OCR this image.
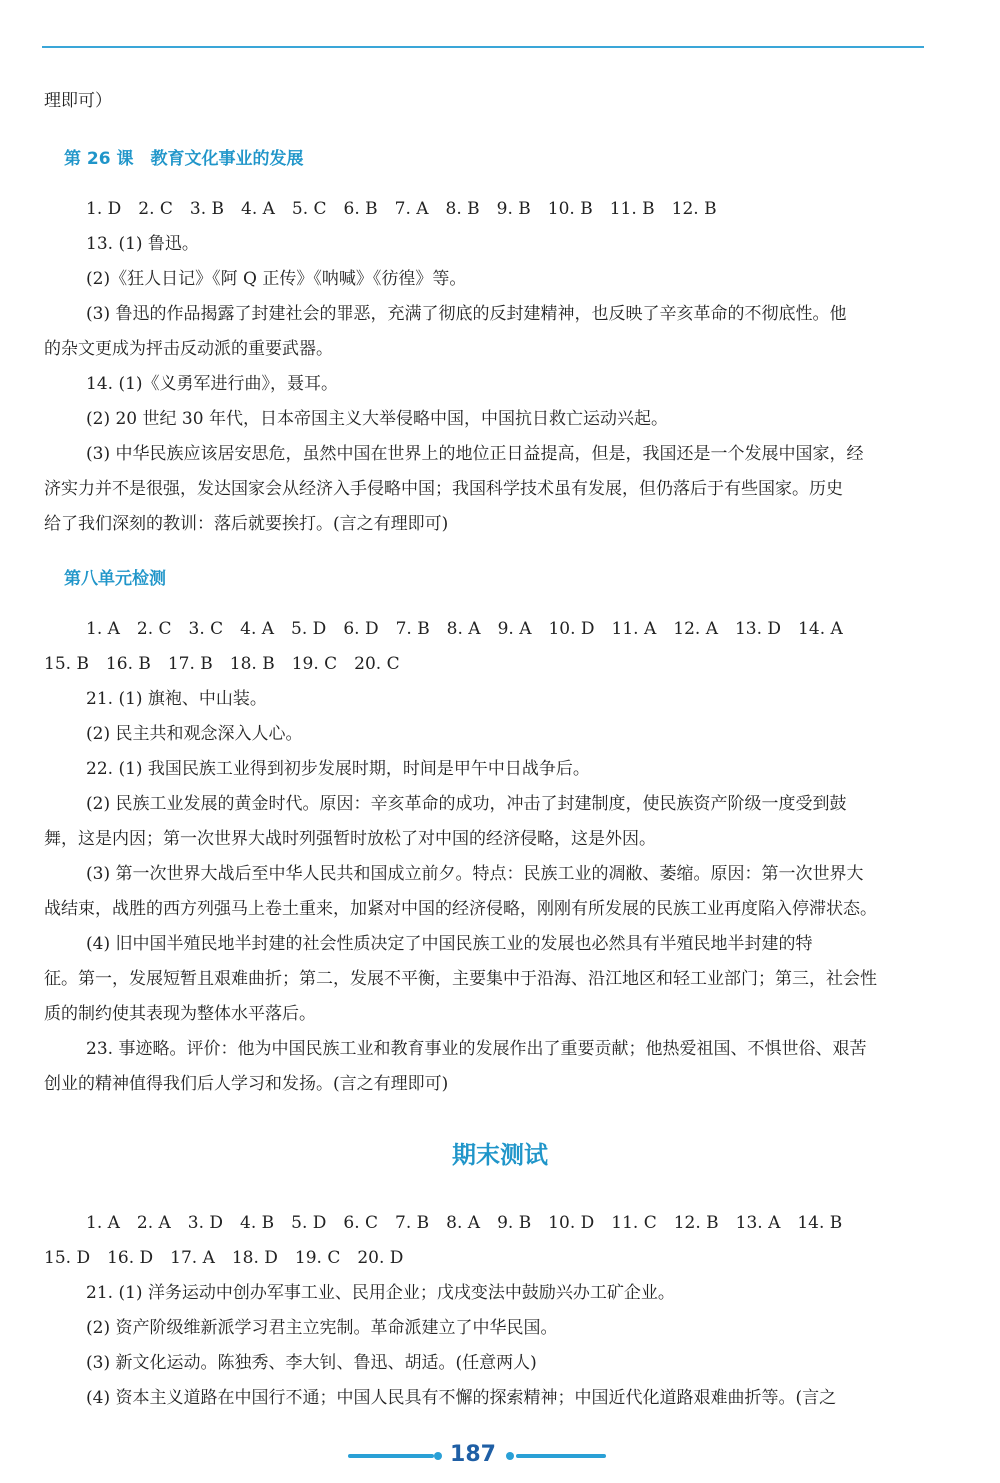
理即可）
第 26 课　教育文化事业的发展
1. D　2. C　3. B　4. A　5. C　6. B　7. A　8. B　9. B　10. B　11. B　12. B
13. (1) 鲁迅。
(2)《狂人日记》《阿 Q 正传》《呐喊》《彷徨》等。
(3) 鲁迅的作品揭露了封建社会的罪恶，充满了彻底的反封建精神，也反映了辛亥革命的不彻底性。他
的杂文更成为抨击反动派的重要武器。
14. (1)《义勇军进行曲》，聂耳。
(2) 20 世纪 30 年代，日本帝国主义大举侵略中国，中国抗日救亡运动兴起。
(3) 中华民族应该居安思危，虽然中国在世界上的地位正日益提高，但是，我国还是一个发展中国家，经
济实力并不是很强，发达国家会从经济入手侵略中国；我国科学技术虽有发展，但仍落后于有些国家。历史
给了我们深刻的教训：落后就要挨打。(言之有理即可)
第八单元检测
1. A　2. C　3. C　4. A　5. D　6. D　7. B　8. A　9. A　10. D　11. A　12. A　13. D　14. A
15. B　16. B　17. B　18. B　19. C　20. C
21. (1) 旗袍、中山装。
(2) 民主共和观念深入人心。
22. (1) 我国民族工业得到初步发展时期，时间是甲午中日战争后。
(2) 民族工业发展的黄金时代。原因：辛亥革命的成功，冲击了封建制度，使民族资产阶级一度受到鼓
舞，这是内因；第一次世界大战时列强暂时放松了对中国的经济侵略，这是外因。
(3) 第一次世界大战后至中华人民共和国成立前夕。特点：民族工业的凋敝、萎缩。原因：第一次世界大
战结束，战胜的西方列强马上卷土重来，加紧对中国的经济侵略，刚刚有所发展的民族工业再度陷入停滞状态。
(4) 旧中国半殖民地半封建的社会性质决定了中国民族工业的发展也必然具有半殖民地半封建的特
征。第一，发展短暂且艰难曲折；第二，发展不平衡，主要集中于沿海、沿江地区和轻工业部门；第三，社会性
质的制约使其表现为整体水平落后。
23. 事迹略。评价：他为中国民族工业和教育事业的发展作出了重要贡献；他热爱祖国、不惧世俗、艰苦
创业的精神值得我们后人学习和发扬。(言之有理即可)
期末测试
1. A　2. A　3. D　4. B　5. D　6. C　7. B　8. A　9. B　10. D　11. C　12. B　13. A　14. B
15. D　16. D　17. A　18. D　19. C　20. D
21. (1) 洋务运动中创办军事工业、民用企业；戊戌变法中鼓励兴办工矿企业。
(2) 资产阶级维新派学习君主立宪制。革命派建立了中华民国。
(3) 新文化运动。陈独秀、李大钊、鲁迅、胡适。(任意两人)
(4) 资本主义道路在中国行不通；中国人民具有不懈的探索精神；中国近代化道路艰难曲折等。(言之
187
